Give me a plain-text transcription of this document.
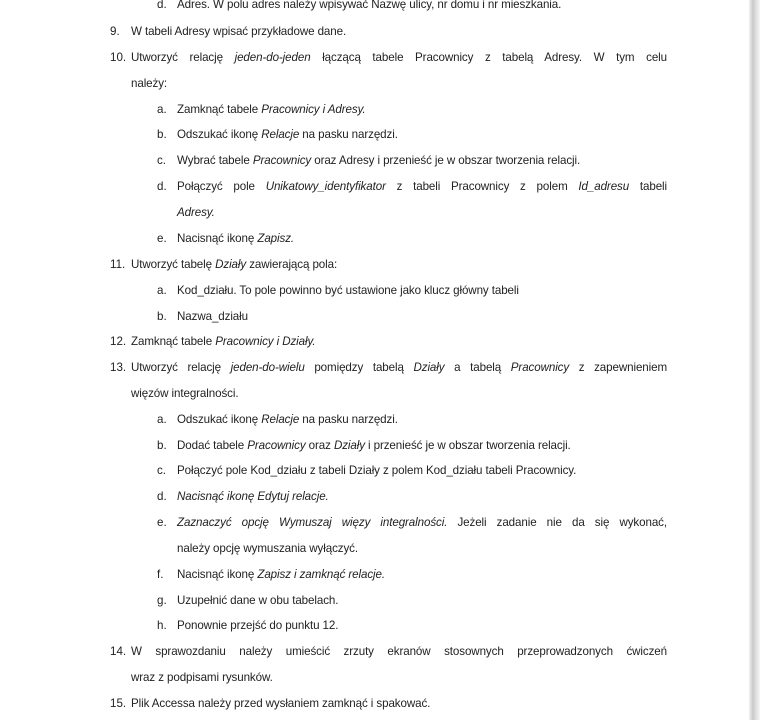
d. Adres. W polu adres należy wpisywać Nazwę ulicy, nr domu i nr mieszkania.
9. W tabeli Adresy wpisać przykładowe dane.
10. Utworzyć relację jeden-do-jeden łączącą tabele Pracownicy z tabelą Adresy. W tym celu
należy:
a. Zamknąć tabele Pracownicy i Adresy.
b. Odszukać ikonę Relacje na pasku narzędzi.
c. Wybrać tabele Pracownicy oraz Adresy i przenieść je w obszar tworzenia relacji.
d. Połączyć pole Unikatowy_identyfikator z tabeli Pracownicy z polem Id_adresu tabeli
Adresy.
e. Nacisnąć ikonę Zapisz.
11. Utworzyć tabelę Działy zawierającą pola:
a. Kod_działu. To pole powinno być ustawione jako klucz główny tabeli
b. Nazwa_działu
12. Zamknąć tabele Pracownicy i Działy.
13. Utworzyć relację jeden-do-wielu pomiędzy tabelą Działy a tabelą Pracownicy z zapewnieniem
więzów integralności.
a. Odszukać ikonę Relacje na pasku narzędzi.
b. Dodać tabele Pracownicy oraz Działy i przenieść je w obszar tworzenia relacji.
c. Połączyć pole Kod_działu z tabeli Działy z polem Kod_działu tabeli Pracownicy.
d. Nacisnąć ikonę Edytuj relacje.
e. Zaznaczyć opcję Wymuszaj więzy integralności. Jeżeli zadanie nie da się wykonać,
należy opcję wymuszania wyłączyć.
f. Nacisnąć ikonę Zapisz i zamknąć relacje.
g. Uzupełnić dane w obu tabelach.
h. Ponownie przejść do punktu 12.
14. W sprawozdaniu należy umieścić zrzuty ekranów stosownych przeprowadzonych ćwiczeń
wraz z podpisami rysunków.
15. Plik Accessa należy przed wysłaniem zamknąć i spakować.
